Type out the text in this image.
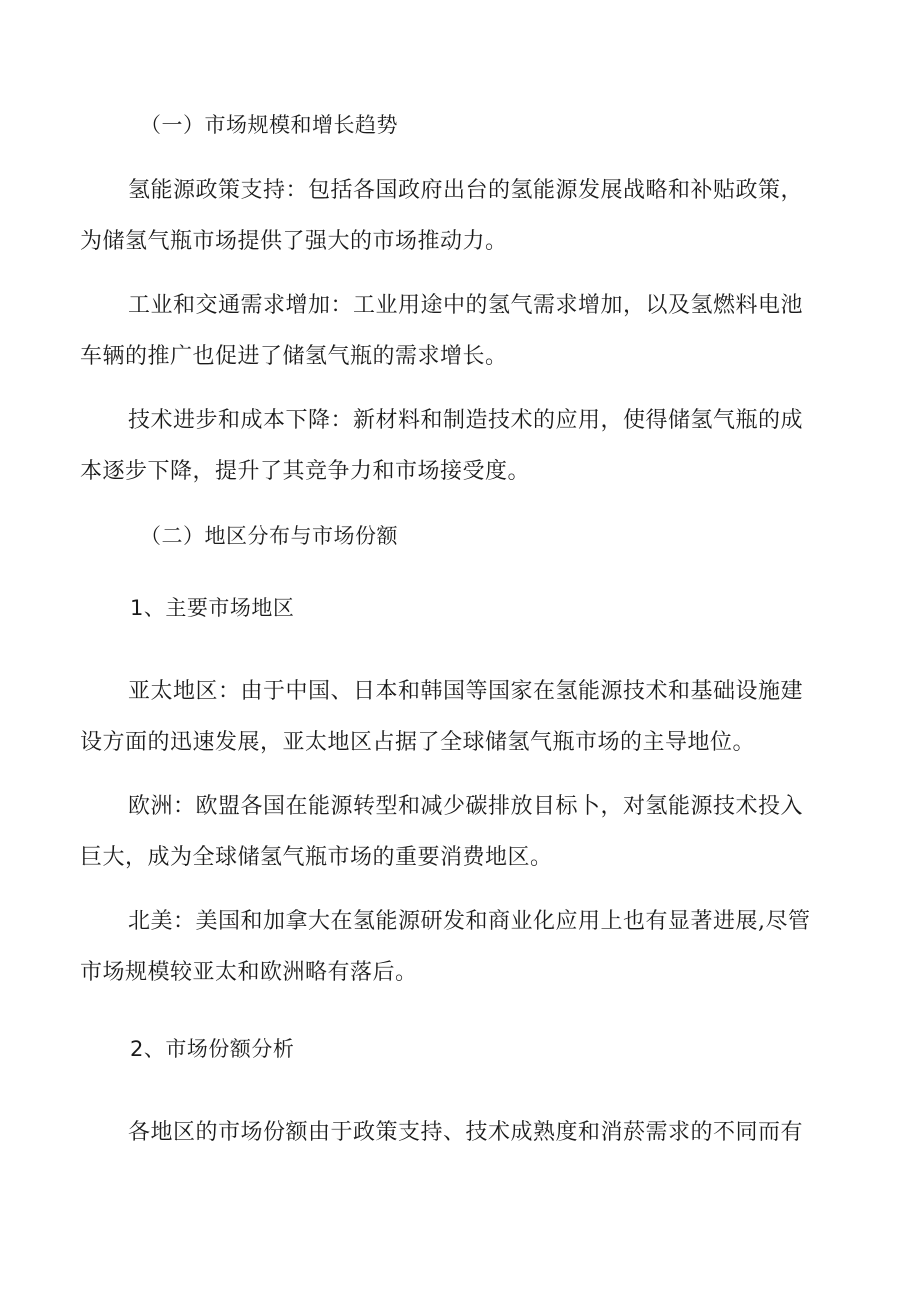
（一）市场规模和增长趋势
氢能源政策支持：包括各国政府出台的氢能源发展战略和补贴政策，
为储氢气瓶市场提供了强大的市场推动力。
工业和交通需求增加：工业用途中的氢气需求增加，以及氢燃料电池
车辆的推广也促进了储氢气瓶的需求增长。
技术进步和成本下降：新材料和制造技术的应用，使得储氢气瓶的成
本逐步下降，提升了其竞争力和市场接受度。
（二）地区分布与市场份额
1、主要市场地区
亚太地区：由于中国、日本和韩国等国家在氢能源技术和基础设施建
设方面的迅速发展，亚太地区占据了全球储氢气瓶市场的主导地位。
欧洲：欧盟各国在能源转型和减少碳排放目标卜，对氢能源技术投入
巨大，成为全球储氢气瓶市场的重要消费地区。
北美：美国和加拿大在氢能源研发和商业化应用上也有显著进展,尽管
市场规模较亚太和欧洲略有落后。
2、市场份额分析
各地区的市场份额由于政策支持、技术成熟度和消菸需求的不同而有
